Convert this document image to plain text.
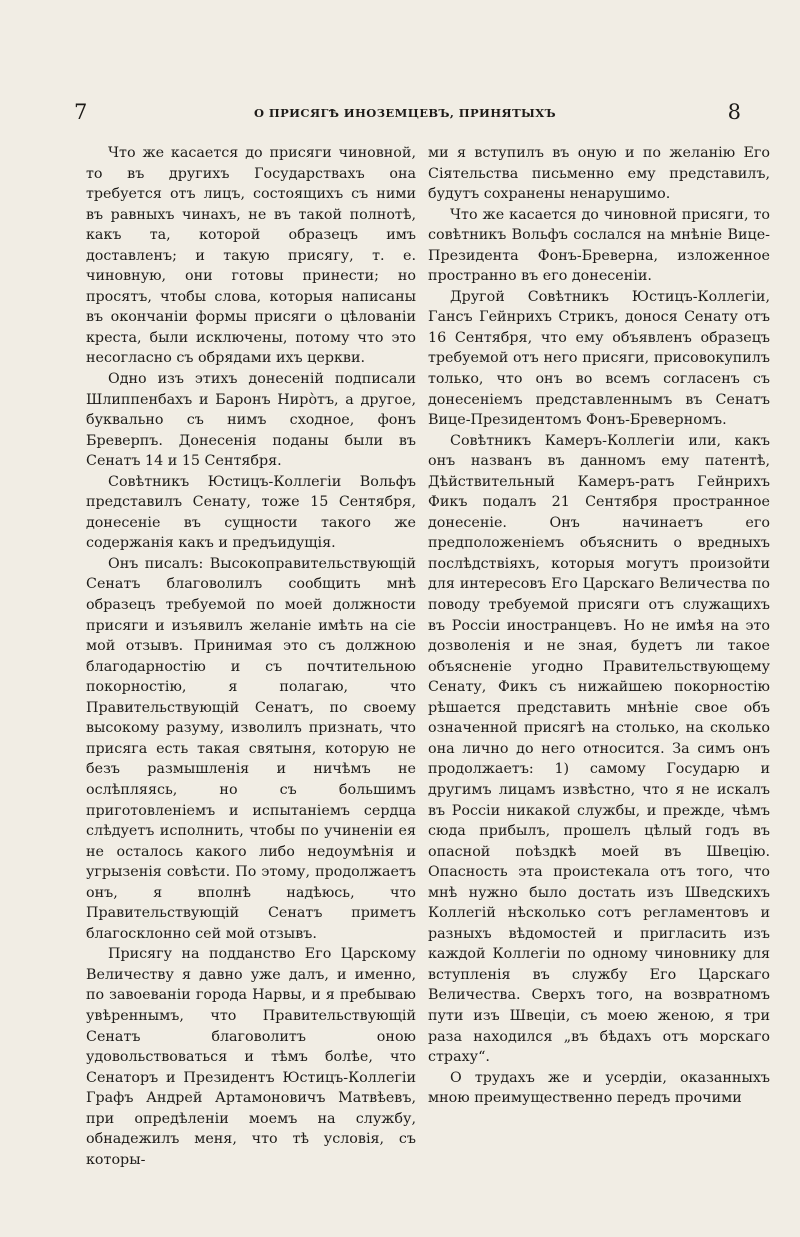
7	О ПРИСЯГѢ ИНОЗЕМЦЕВЪ, ПРИНЯТЫХЪ	8

Что же касается до присяги чиновной, то въ другихъ Государствахъ она требуется отъ лицъ, состоящихъ съ ними въ равныхъ чинахъ, не въ такой полнотѣ, какъ та, которой образецъ имъ доставленъ; и такую присягу, т. е. чиновную, они готовы принести; но просятъ, чтобы слова, которыя написаны въ окончаніи формы присяги о цѣлованіи креста, были исключены, потому что это несогласно съ обрядами ихъ церкви.

Одно изъ этихъ донесеній подписали Шлиппенбахъ и Баронъ Нирòтъ, а другое, буквально съ нимъ сходное, фонъ Бреверпъ. Донесенія поданы были въ Сенатъ 14 и 15 Сентября.

Совѣтникъ Юстицъ-Коллегіи Вольфъ представилъ Сенату, тоже 15 Сентября, донесеніе въ сущности такого же содержанія какъ и предъидущія.

Онъ писалъ: Высокоправительствующій Сенатъ благоволилъ сообщить мнѣ образецъ требуемой по моей должности присяги и изъявилъ желаніе имѣть на сіе мой отзывъ. Принимая это съ должною благодарностію и съ почтительною покорностію, я полагаю, что Правительствующій Сенатъ, по своему высокому разуму, изволилъ признать, что присяга есть такая святыня, которую не безъ размышленія и ничѣмъ не ослѣпляясь, но съ большимъ приготовленіемъ и испытаніемъ сердца слѣдуетъ исполнить, чтобы по учиненіи ея не осталось какого либо недоумѣнія и угрызенія совѣсти. По этому, продолжаетъ онъ, я вполнѣ надѣюсь, что Правительствующій Сенатъ приметъ благосклонно сей мой отзывъ.

Присягу на подданство Его Царскому Величеству я давно уже далъ, и именно, по завоеваніи города Нарвы, и я пребываю увѣреннымъ, что Правительствующій Сенатъ благоволитъ оною удовольствоваться и тѣмъ болѣе, что Сенаторъ и Президентъ Юстицъ-Коллегіи Графъ Андрей Артамоновичъ Матвѣевъ, при опредѣленіи моемъ на службу, обнадежилъ меня, что тѣ условія, съ которы-

ми я вступилъ въ оную и по желанію Его Сіятельства письменно ему представилъ, будутъ сохранены ненарушимо.

Что же касается до чиновной присяги, то совѣтникъ Вольфъ сослался на мнѣніе Вице-Президента Фонъ-Бреверна, изложенное пространно въ его донесеніи.

Другой Совѣтникъ Юстицъ-Коллегіи, Гансъ Гейнрихъ Стрикъ, донося Сенату отъ 16 Сентября, что ему объявленъ образецъ требуемой отъ него присяги, присовокупилъ только, что онъ во всемъ согласенъ съ донесеніемъ представленнымъ въ Сенатъ Вице-Президентомъ Фонъ-Бреверномъ.

Совѣтникъ Камеръ-Коллегіи или, какъ онъ названъ въ данномъ ему патентѣ, Дѣйствительный Камеръ-ратъ Гейнрихъ Фикъ подалъ 21 Сентября пространное донесеніе. Онъ начинаетъ его предположеніемъ объяснить о вредныхъ послѣдствіяхъ, которыя могутъ произойти для интересовъ Его Царскаго Величества по поводу требуемой присяги отъ служащихъ въ Россіи иностранцевъ. Но не имѣя на это дозволенія и не зная, будетъ ли такое объясненіе угодно Правительствующему Сенату, Фикъ съ нижайшею покорностію рѣшается представить мнѣніе свое объ означенной присягѣ на столько, на сколько она лично до него относится. За симъ онъ продолжаетъ: 1) самому Государю и другимъ лицамъ извѣстно, что я не искалъ въ Россіи никакой службы, и прежде, чѣмъ сюда прибылъ, прошелъ цѣлый годъ въ опасной поѣздкѣ моей въ Швецію. Опасность эта проистекала отъ того, что мнѣ нужно было достать изъ Шведскихъ Коллегій нѣсколько сотъ регламентовъ и разныхъ вѣдомостей и пригласить изъ каждой Коллегіи по одному чиновнику для вступленія въ службу Его Царскаго Величества. Сверхъ того, на возвратномъ пути изъ Швеціи, съ моею женою, я три раза находился „въ бѣдахъ отъ морскаго страху“.

О трудахъ же и усердіи, оказанныхъ мною преимущественно передъ прочими
